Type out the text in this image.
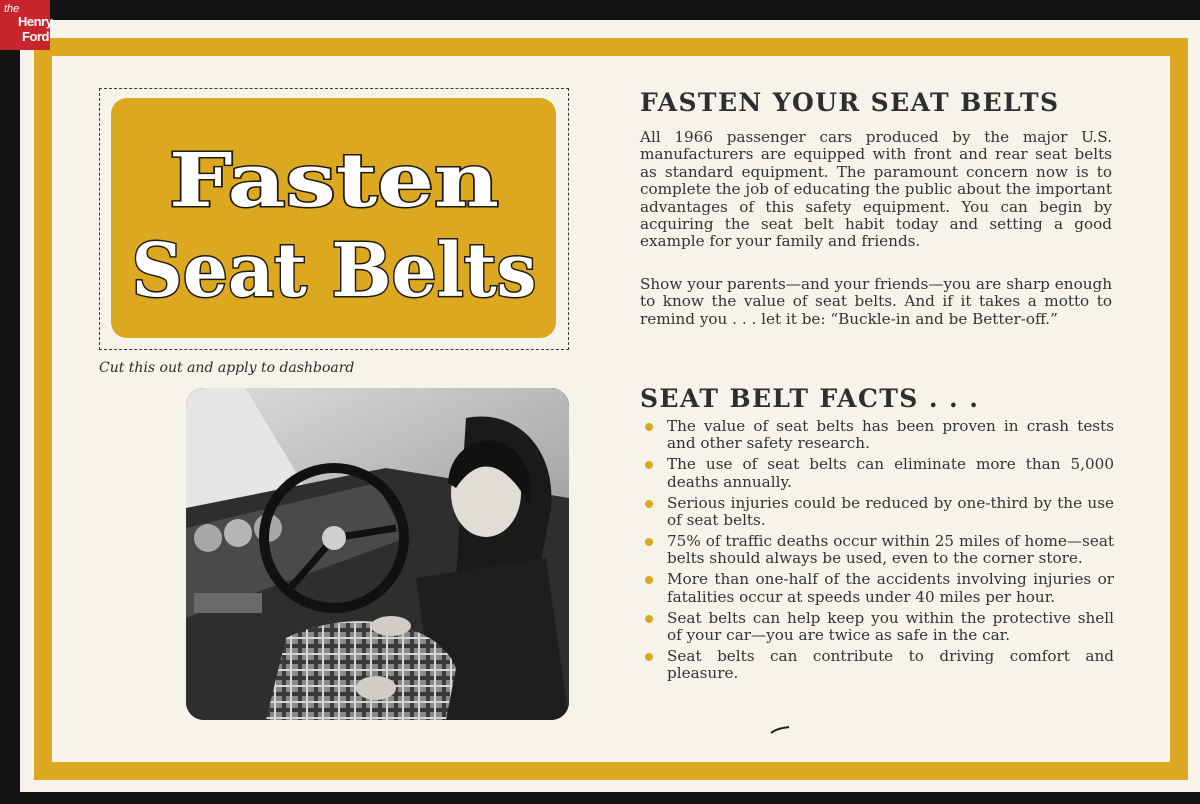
the
Henry
Ford
Fasten
Seat Belts
Cut this out and apply to dashboard
FASTEN YOUR SEAT BELTS

All 1966 passenger cars produced by the major U.S. manufacturers are equipped with front and rear seat belts as standard equipment. The paramount concern now is to complete the job of educating the public about the important advantages of this safety equipment. You can begin by acquiring the seat belt habit today and setting a good example for your family and friends.

Show your parents—and your friends—you are sharp enough to know the value of seat belts. And if it takes a motto to remind you . . . let it be: “Buckle-in and be Better-off.”

SEAT BELT FACTS . . .
The value of seat belts has been proven in crash tests and other safety research.
The use of seat belts can eliminate more than 5,000 deaths annually.
Serious injuries could be reduced by one-third by the use of seat belts.
75% of traffic deaths occur within 25 miles of home—seat belts should always be used, even to the corner store.
More than one-half of the accidents involving injuries or fatalities occur at speeds under 40 miles per hour.
Seat belts can help keep you within the protective shell of your car—you are twice as safe in the car.
Seat belts can contribute to driving comfort and pleasure.
